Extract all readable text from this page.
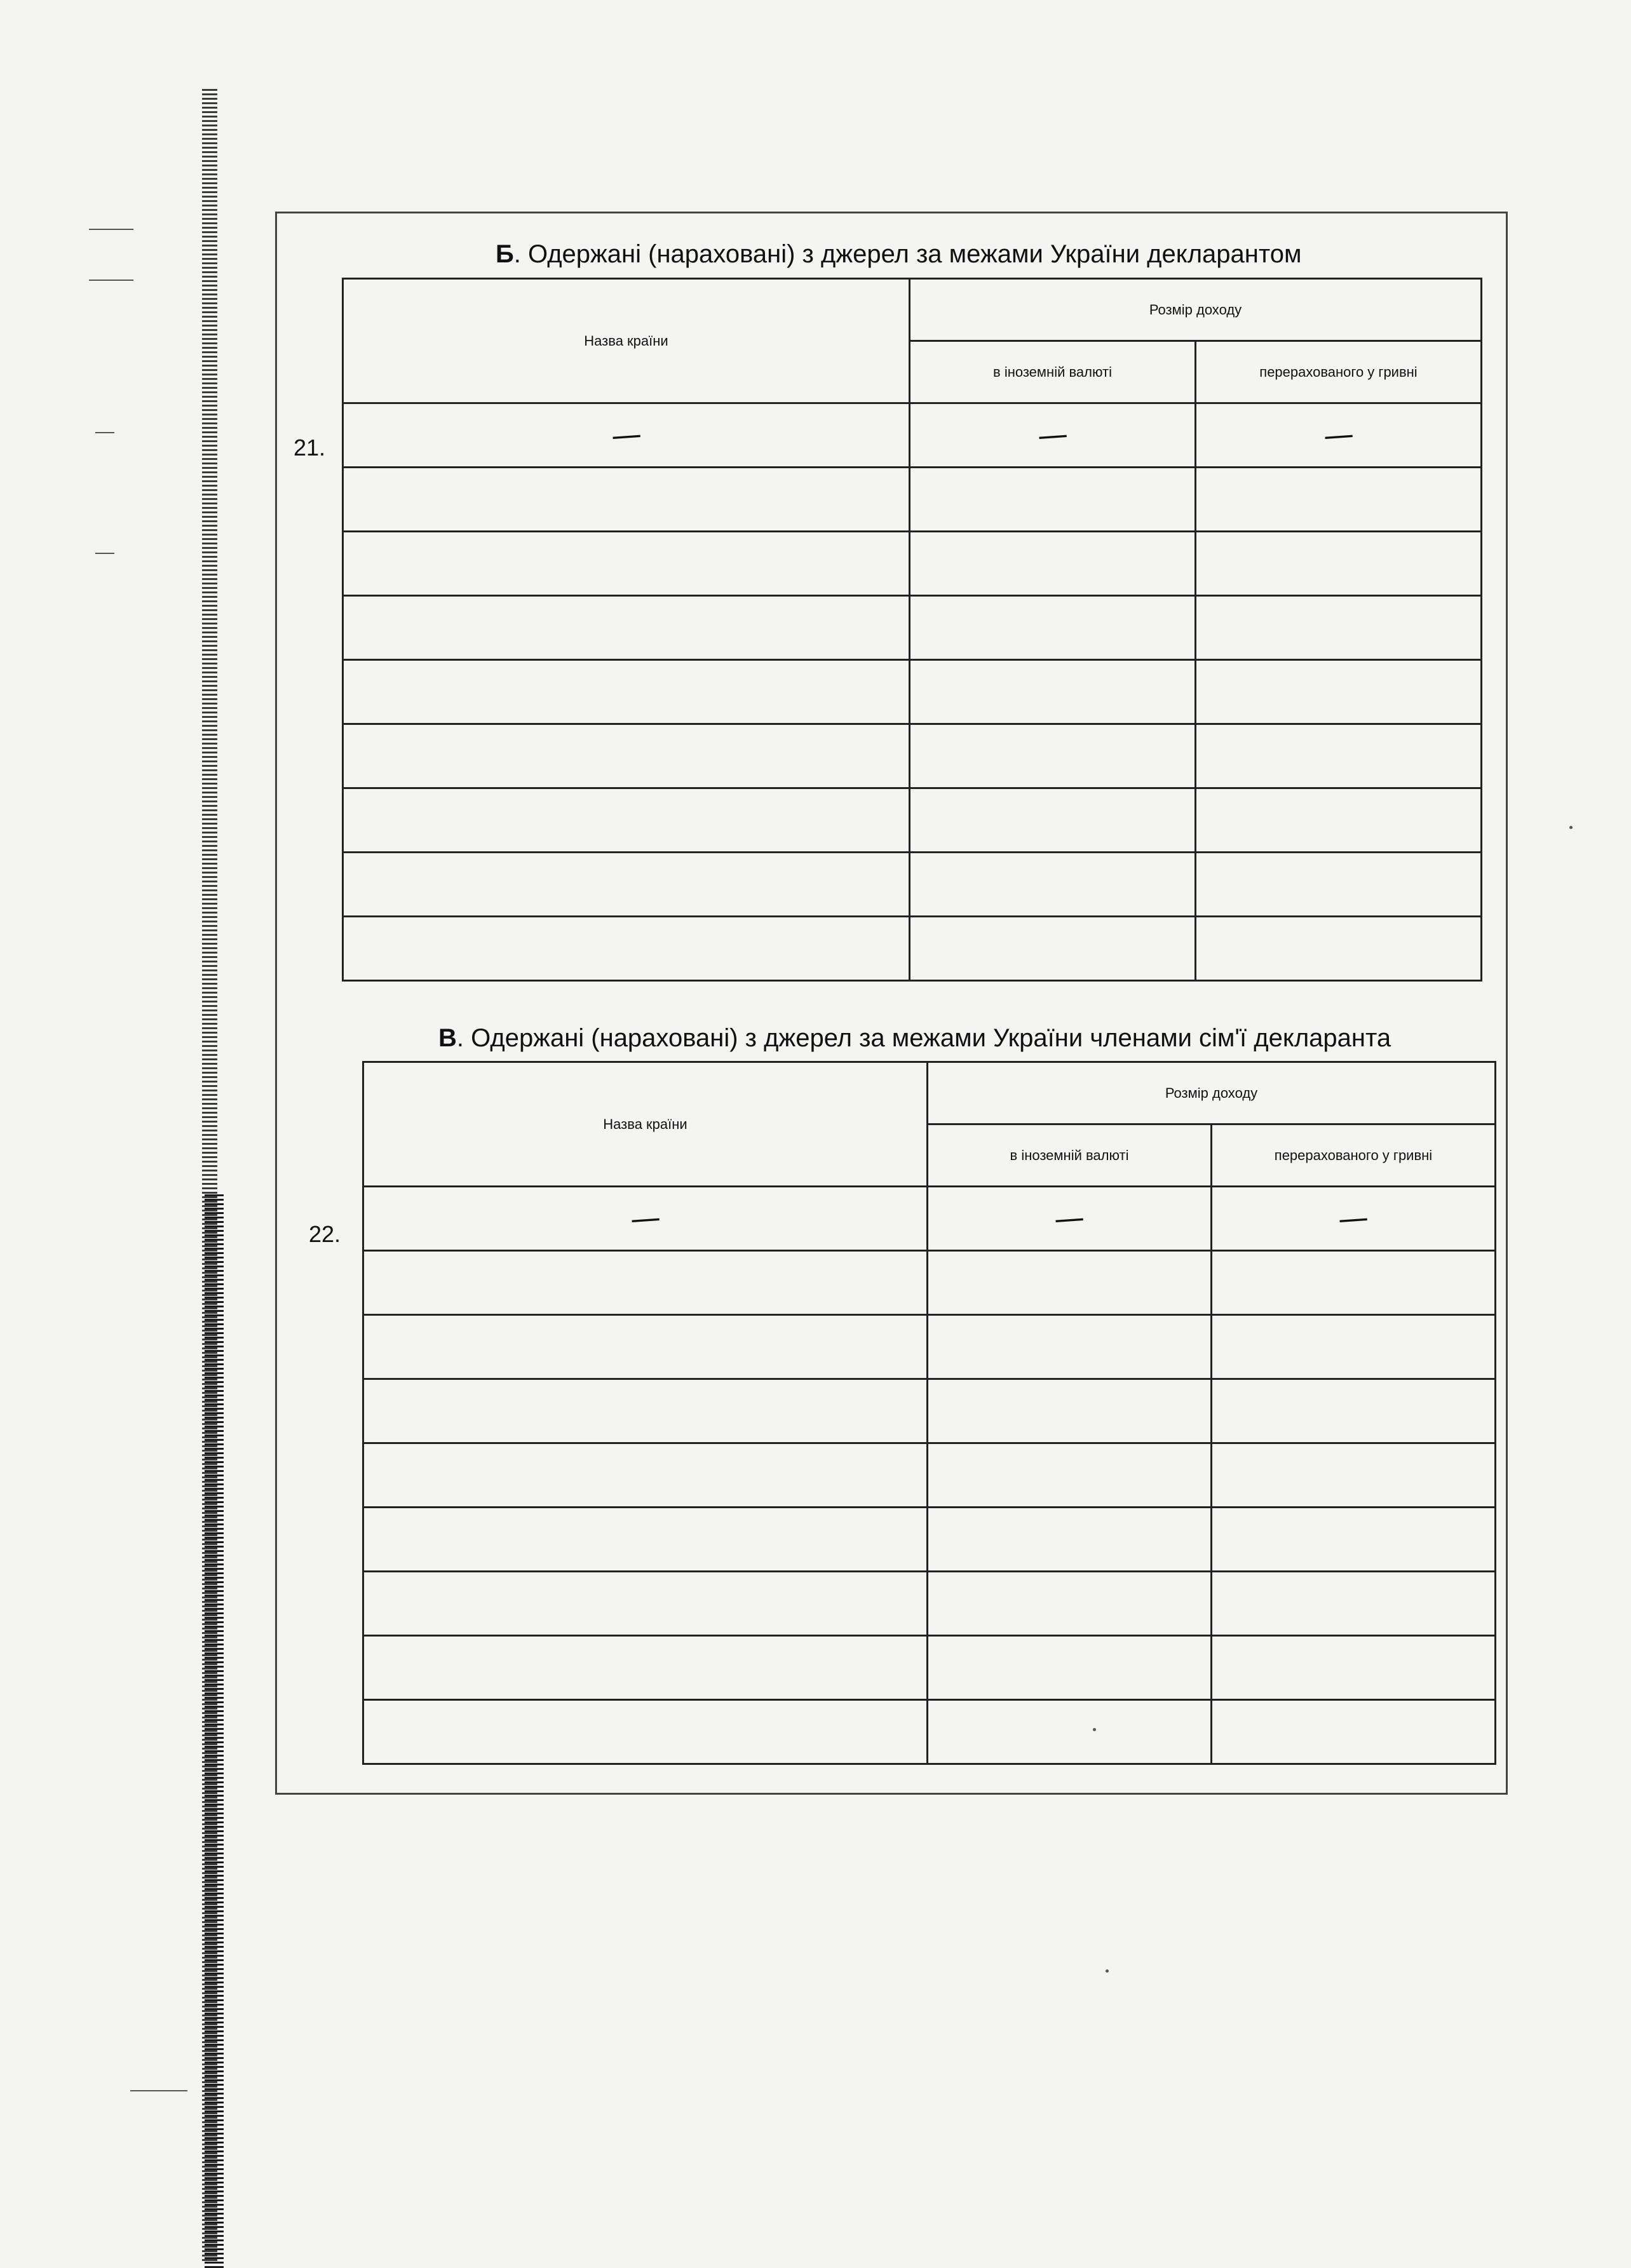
Б. Одержані (нараховані) з джерел за межами України декларантом
21.
Назва країни	Розмір доходу	
	в іноземній валюті	перерахованого у гривні
—	—	—

В. Одержані (нараховані) з джерел за межами України членами сім'ї декларанта
22.
Назва країни	Розмір доходу	
	в іноземній валюті	перерахованого у гривні
—	—	—
